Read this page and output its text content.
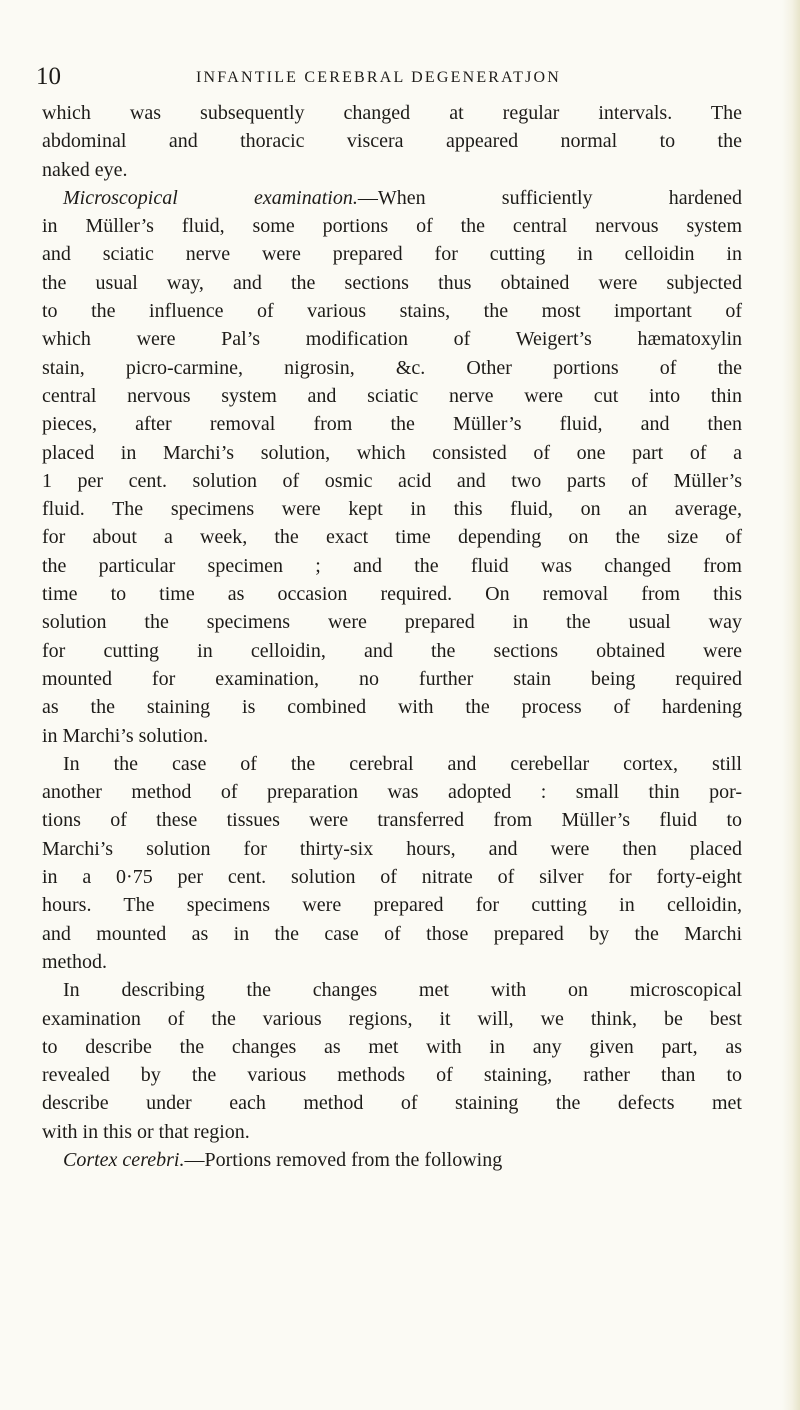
10	INFANTILE CEREBRAL DEGENERATJON
which was subsequently changed at regular intervals. The
abdominal and thoracic viscera appeared normal to the
naked eye.
Microscopical examination.—When sufficiently hardened
in Müller’s fluid, some portions of the central nervous system
and sciatic nerve were prepared for cutting in celloidin in
the usual way, and the sections thus obtained were subjected
to the influence of various stains, the most important of
which were Pal’s modification of Weigert’s hæmatoxylin
stain, picro-carmine, nigrosin, &c. Other portions of the
central nervous system and sciatic nerve were cut into thin
pieces, after removal from the Müller’s fluid, and then
placed in Marchi’s solution, which consisted of one part of a
1 per cent. solution of osmic acid and two parts of Müller’s
fluid. The specimens were kept in this fluid, on an average,
for about a week, the exact time depending on the size of
the particular specimen ; and the fluid was changed from
time to time as occasion required. On removal from this
solution the specimens were prepared in the usual way
for cutting in celloidin, and the sections obtained were
mounted for examination, no further stain being required
as the staining is combined with the process of hardening
in Marchi’s solution.
In the case of the cerebral and cerebellar cortex, still
another method of preparation was adopted : small thin por-
tions of these tissues were transferred from Müller’s fluid to
Marchi’s solution for thirty-six hours, and were then placed
in a 0·75 per cent. solution of nitrate of silver for forty-eight
hours. The specimens were prepared for cutting in celloidin,
and mounted as in the case of those prepared by the Marchi
method.
In describing the changes met with on microscopical
examination of the various regions, it will, we think, be best
to describe the changes as met with in any given part, as
revealed by the various methods of staining, rather than to
describe under each method of staining the defects met
with in this or that region.
Cortex cerebri.—Portions removed from the following
